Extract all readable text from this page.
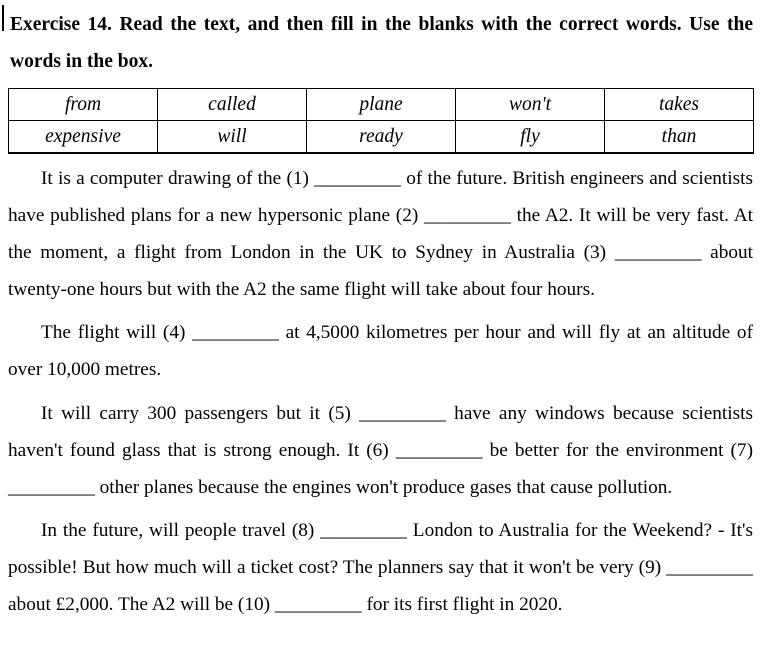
Exercise 14. Read the text, and then fill in the blanks with the correct words. Use the words in the box.

from	called	plane	won't	takes
expensive	will	ready	fly	than

It is a computer drawing of the (1) _________ of the future. British engineers and scientists have published plans for a new hypersonic plane (2) _________ the A2. It will be very fast. At the moment, a flight from London in the UK to Sydney in Australia (3) _________ about twenty-one hours but with the A2 the same flight will take about four hours.

The flight will (4) _________ at 4,5000 kilometres per hour and will fly at an altitude of over 10,000 metres.

It will carry 300 passengers but it (5) _________ have any windows because scientists haven't found glass that is strong enough. It (6) _________ be better for the environment (7) _________ other planes because the engines won't produce gases that cause pollution.

In the future, will people travel (8) _________ London to Australia for the Weekend? - It's possible! But how much will a ticket cost? The planners say that it won't be very (9) _________ about £2,000. The A2 will be (10) _________ for its first flight in 2020.
